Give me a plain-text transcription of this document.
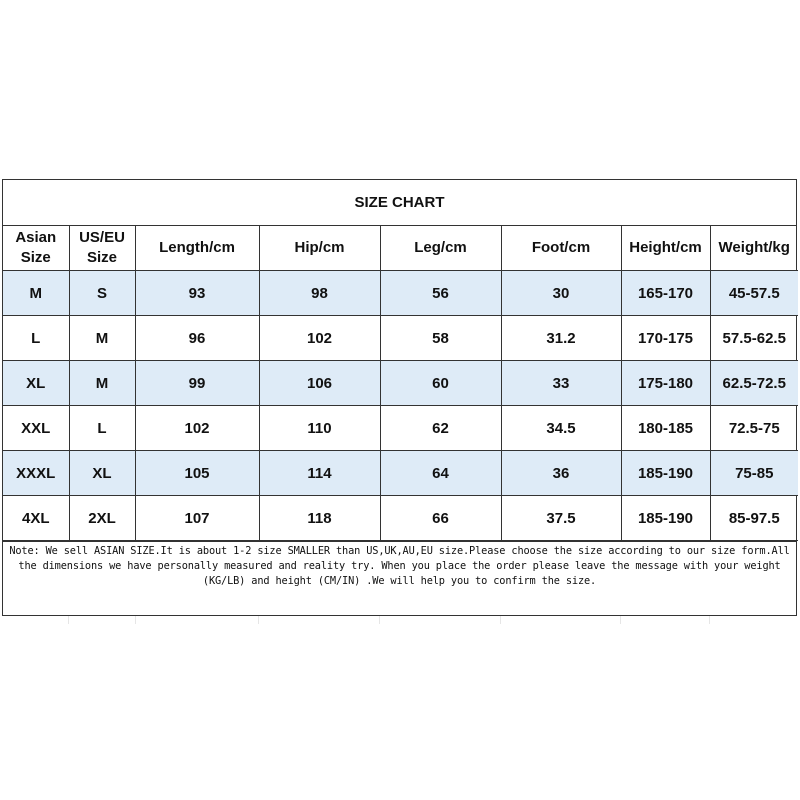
SIZE CHART
Asian Size	US/EU Size	Length/cm	Hip/cm	Leg/cm	Foot/cm	Height/cm	Weight/kg
M	S	93	98	56	30	165-170	45-57.5
L	M	96	102	58	31.2	170-175	57.5-62.5
XL	M	99	106	60	33	175-180	62.5-72.5
XXL	L	102	110	62	34.5	180-185	72.5-75
XXXL	XL	105	114	64	36	185-190	75-85
4XL	2XL	107	118	66	37.5	185-190	85-97.5
Note: We sell ASIAN SIZE.It is about 1-2 size SMALLER than US,UK,AU,EU size.Please choose the size according to our size form.All the dimensions we have personally measured and reality try. When you place the order please leave the message with your weight (KG/LB) and height (CM/IN) .We will help you to confirm the size.
